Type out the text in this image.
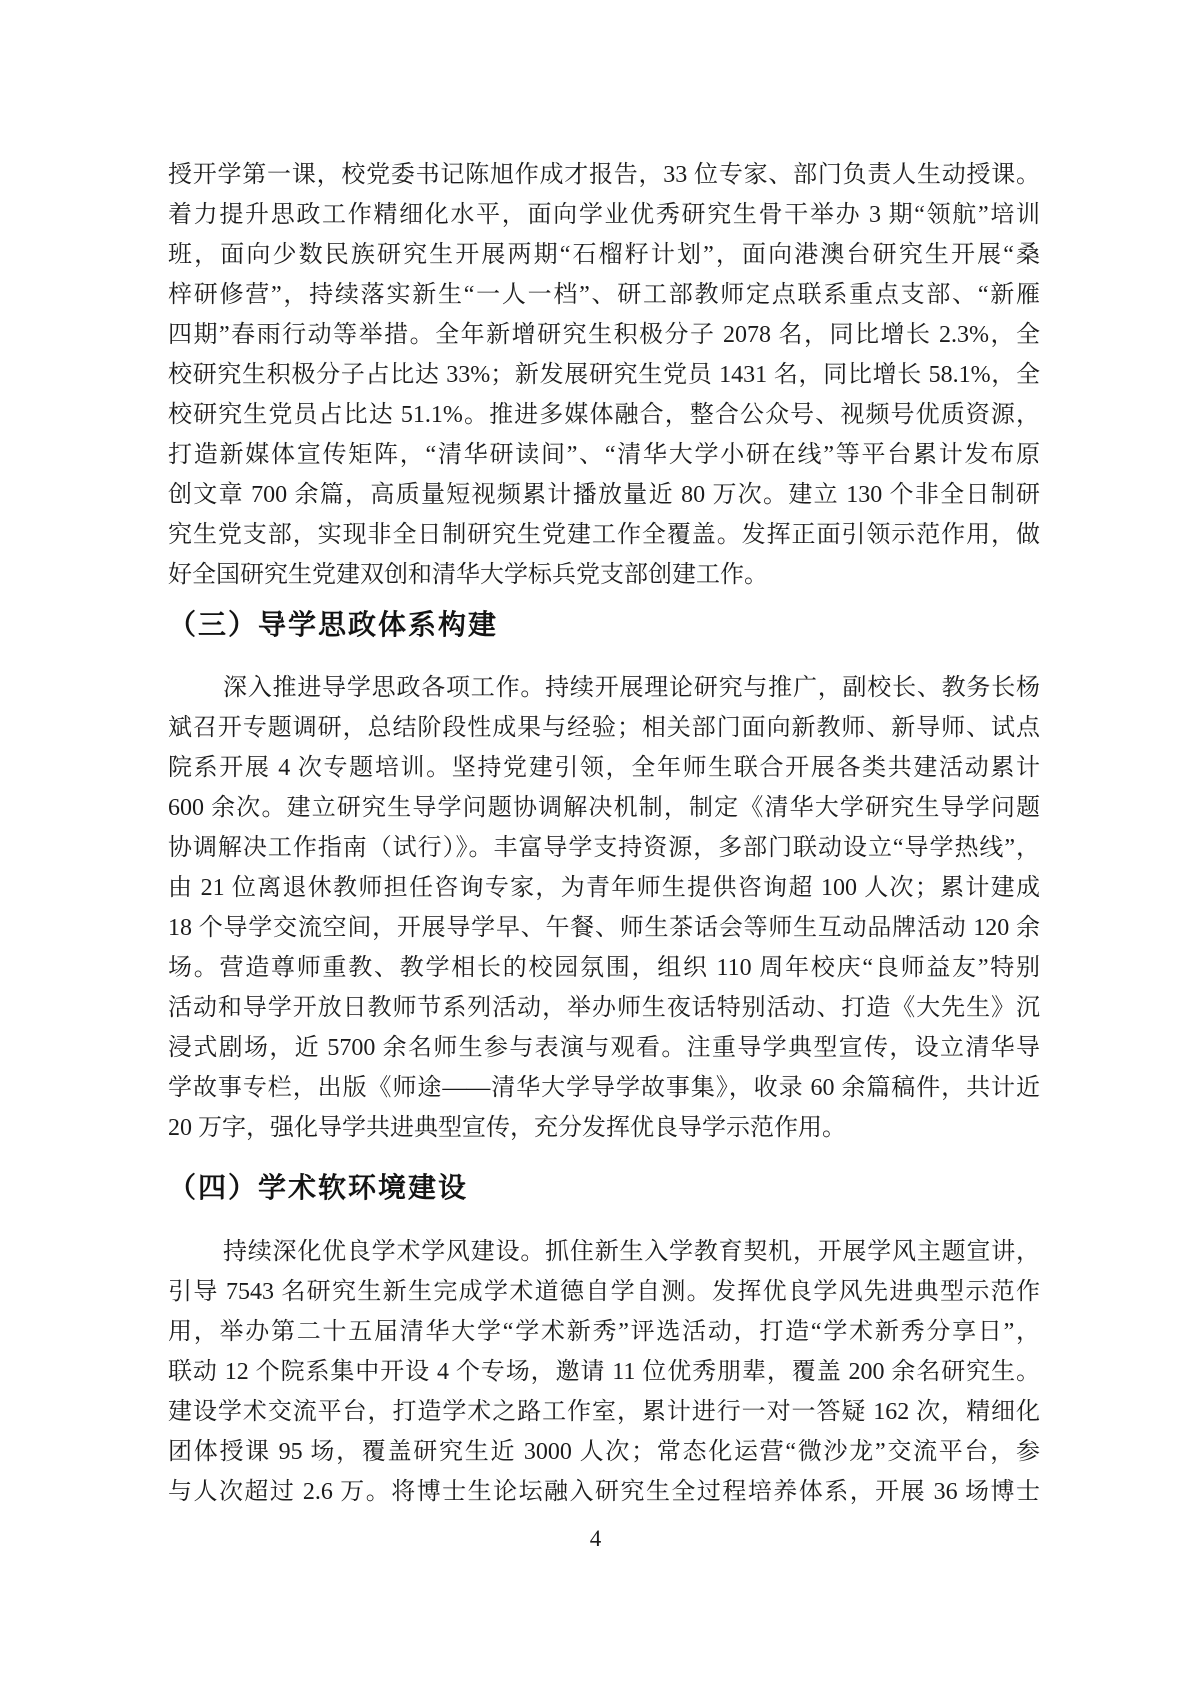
授开学第一课，校党委书记陈旭作成才报告，33 位专家、部门负责人生动授课。
着力提升思政工作精细化水平，面向学业优秀研究生骨干举办 3 期“领航”培训
班，面向少数民族研究生开展两期“石榴籽计划”，面向港澳台研究生开展“桑
梓研修营”，持续落实新生“一人一档”、研工部教师定点联系重点支部、“新雁
四期”春雨行动等举措。全年新增研究生积极分子 2078 名，同比增长 2.3%，全
校研究生积极分子占比达 33%；新发展研究生党员 1431 名，同比增长 58.1%，全
校研究生党员占比达 51.1%。推进多媒体融合，整合公众号、视频号优质资源，
打造新媒体宣传矩阵，“清华研读间”、“清华大学小研在线”等平台累计发布原
创文章 700 余篇，高质量短视频累计播放量近 80 万次。建立 130 个非全日制研
究生党支部，实现非全日制研究生党建工作全覆盖。发挥正面引领示范作用，做
好全国研究生党建双创和清华大学标兵党支部创建工作。
（三）导学思政体系构建
深入推进导学思政各项工作。持续开展理论研究与推广，副校长、教务长杨
斌召开专题调研，总结阶段性成果与经验；相关部门面向新教师、新导师、试点
院系开展 4 次专题培训。坚持党建引领，全年师生联合开展各类共建活动累计
600 余次。建立研究生导学问题协调解决机制，制定《清华大学研究生导学问题
协调解决工作指南（试行）》。丰富导学支持资源，多部门联动设立“导学热线”，
由 21 位离退休教师担任咨询专家，为青年师生提供咨询超 100 人次；累计建成
18 个导学交流空间，开展导学早、午餐、师生茶话会等师生互动品牌活动 120 余
场。营造尊师重教、教学相长的校园氛围，组织 110 周年校庆“良师益友”特别
活动和导学开放日教师节系列活动，举办师生夜话特别活动、打造《大先生》沉
浸式剧场，近 5700 余名师生参与表演与观看。注重导学典型宣传，设立清华导
学故事专栏，出版《师途——清华大学导学故事集》，收录 60 余篇稿件，共计近
20 万字，强化导学共进典型宣传，充分发挥优良导学示范作用。
（四）学术软环境建设
持续深化优良学术学风建设。抓住新生入学教育契机，开展学风主题宣讲，
引导 7543 名研究生新生完成学术道德自学自测。发挥优良学风先进典型示范作
用，举办第二十五届清华大学“学术新秀”评选活动，打造“学术新秀分享日”，
联动 12 个院系集中开设 4 个专场，邀请 11 位优秀朋辈，覆盖 200 余名研究生。
建设学术交流平台，打造学术之路工作室，累计进行一对一答疑 162 次，精细化
团体授课 95 场，覆盖研究生近 3000 人次；常态化运营“微沙龙”交流平台，参
与人次超过 2.6 万。将博士生论坛融入研究生全过程培养体系，开展 36 场博士
4
